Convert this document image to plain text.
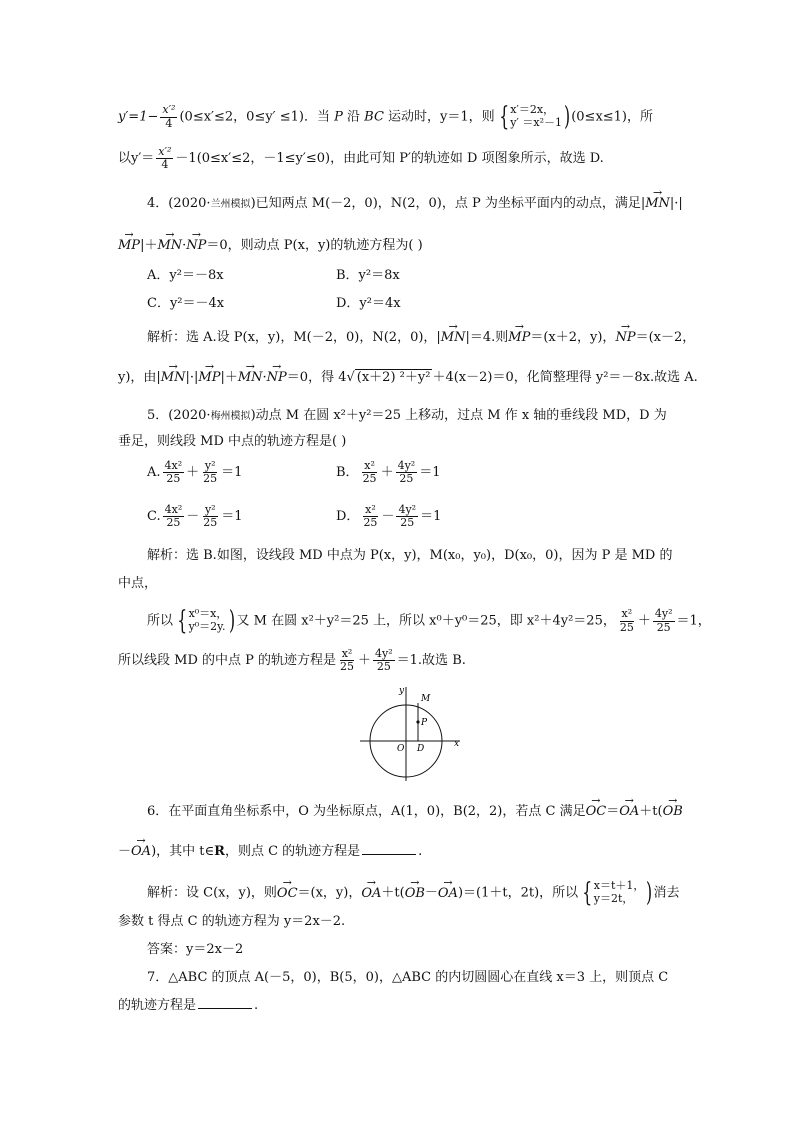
$y'=1- \frac{\text{x′²}}{4} (0\le x'\le 2$，0≤y′ ≤1)．当 P 沿 BC 运动时，y＝1，则 { x′＝2x，
y′ ＝x²－1 ) (0≤x≤1)，所
以$y'= \frac{\text{x′²}}{4} -1(0\le x'\le 2$，－1≤y′≤0)，由此可知 P′的轨迹如 D 项图象所示，故选 D.
4．(2020·兰州模拟)已知两点 M(－2，0)，N(2，0)，点 P 为坐标平面内的动点，满足|→ MN|·|
→ MP|＋→ MN·→ NP＝0，则动点 P(x，y)的轨迹方程为( )
A．y²＝－8x	B．y²＝8x
C．y²＝－4x	D．y²＝4x
解析：选 A.设 P(x，y)，M(－2，0)，N(2，0)，|→ MN|＝4.则→ MP＝(x＋2，y)，→ NP＝(x－2，
y)，由|→ MN|·|→ MP|＋→ MN·→ NP＝0，得 4√ (x＋2) ²＋y² ＋4(x－2)＝0，化简整理得 y²＝－8x.故选 A.
5．(2020·梅州模拟)动点 M 在圆 x²＋y²＝25 上移动，过点 M 作 x 轴的垂线段 MD，D 为
垂足，则线段 MD 中点的轨迹方程是( )
A. $\frac{\text{4x²}}{25} + \frac{\text{y²}}{25} =1$	B． $\frac{\text{x²}}{25} + \frac{\text{4y²}}{25} =1$
C. $\frac{\text{4x²}}{25} - \frac{\text{y²}}{25} =1$	D． $\frac{\text{x²}}{25} - \frac{\text{4y²}}{25} =1$
解析：选 B.如图，设线段 MD 中点为 P(x，y)，M(x₀，y₀)，D(x₀，0)，因为 P 是 MD 的
中点，
所以 { x⁰＝x，
y⁰＝2y. ) 又 M 在圆 x²＋y²＝25 上，所以 x⁰＋y⁰＝25，即 x²＋4y²＝25， $\frac{\text{x²}}{25} + \frac{\text{4y²}}{25} =1$，
所以线段 MD 的中点 P 的轨迹方程是 $\frac{\text{x²}}{25} + \frac{\text{4y²}}{25} =1$.故选 B.
y
M
P
O D	x
6．在平面直角坐标系中，O 为坐标原点，A(1，0)，B(2，2)，若点 C 满足→ OC＝→ OA＋t(→ OB
－→ OA)，其中 t∈R，则点 C 的轨迹方程是	.
解析：设 C(x，y)，则→ OC＝(x，y)，→ OA＋t(→ OB－→ OA)＝(1＋t，2t)，所以 { x＝t＋1，
y＝2t， ) 消去
参数 t 得点 C 的轨迹方程为 y＝2x－2.
答案：y＝2x－2
7．△ABC 的顶点 A(－5，0)，B(5，0)，△ABC 的内切圆圆心在直线 x＝3 上，则顶点 C
的轨迹方程是	.
